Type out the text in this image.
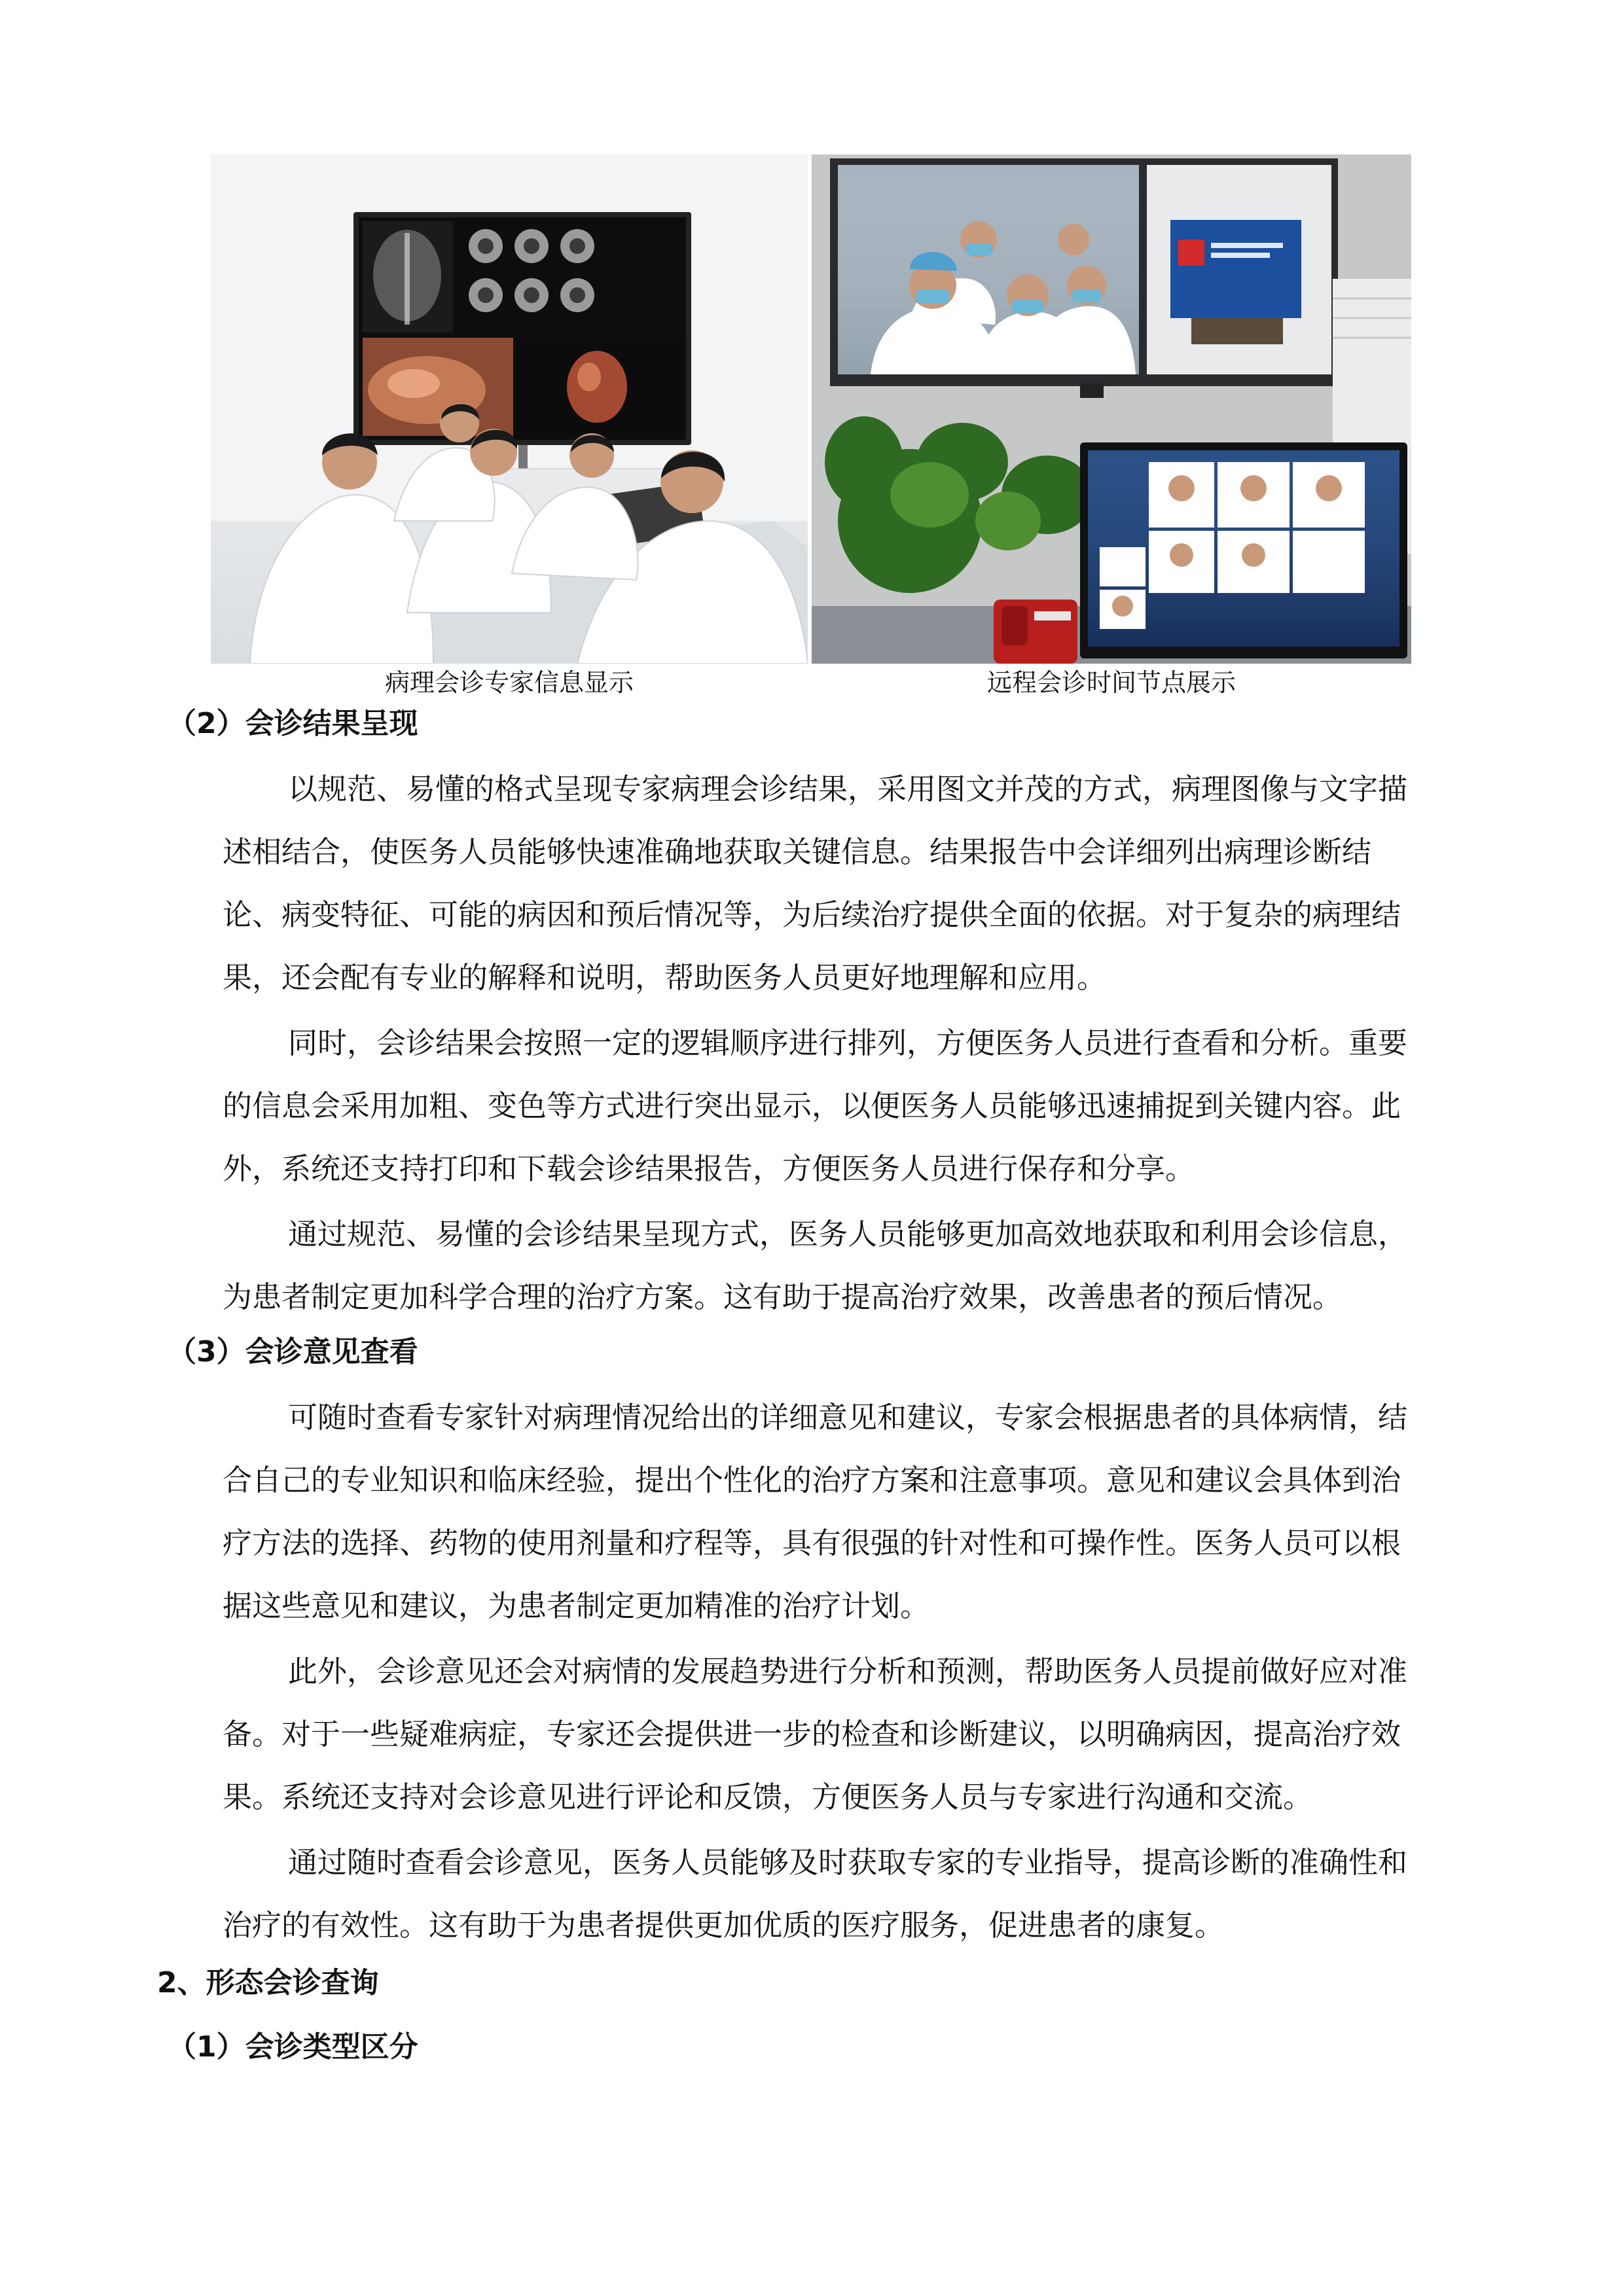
病理会诊专家信息显示	远程会诊时间节点展示
（2）会诊结果呈现
以规范、易懂的格式呈现专家病理会诊结果，采用图文并茂的方式，病理图像与文字描
述相结合，使医务人员能够快速准确地获取关键信息。结果报告中会详细列出病理诊断结
论、病变特征、可能的病因和预后情况等，为后续治疗提供全面的依据。对于复杂的病理结
果，还会配有专业的解释和说明，帮助医务人员更好地理解和应用。
同时，会诊结果会按照一定的逻辑顺序进行排列，方便医务人员进行查看和分析。重要
的信息会采用加粗、变色等方式进行突出显示，以便医务人员能够迅速捕捉到关键内容。此
外，系统还支持打印和下载会诊结果报告，方便医务人员进行保存和分享。
通过规范、易懂的会诊结果呈现方式，医务人员能够更加高效地获取和利用会诊信息，
为患者制定更加科学合理的治疗方案。这有助于提高治疗效果，改善患者的预后情况。
（3）会诊意见查看
可随时查看专家针对病理情况给出的详细意见和建议，专家会根据患者的具体病情，结
合自己的专业知识和临床经验，提出个性化的治疗方案和注意事项。意见和建议会具体到治
疗方法的选择、药物的使用剂量和疗程等，具有很强的针对性和可操作性。医务人员可以根
据这些意见和建议，为患者制定更加精准的治疗计划。
此外，会诊意见还会对病情的发展趋势进行分析和预测，帮助医务人员提前做好应对准
备。对于一些疑难病症，专家还会提供进一步的检查和诊断建议，以明确病因，提高治疗效
果。系统还支持对会诊意见进行评论和反馈，方便医务人员与专家进行沟通和交流。
通过随时查看会诊意见，医务人员能够及时获取专家的专业指导，提高诊断的准确性和
治疗的有效性。这有助于为患者提供更加优质的医疗服务，促进患者的康复。
2、形态会诊查询
（1）会诊类型区分
